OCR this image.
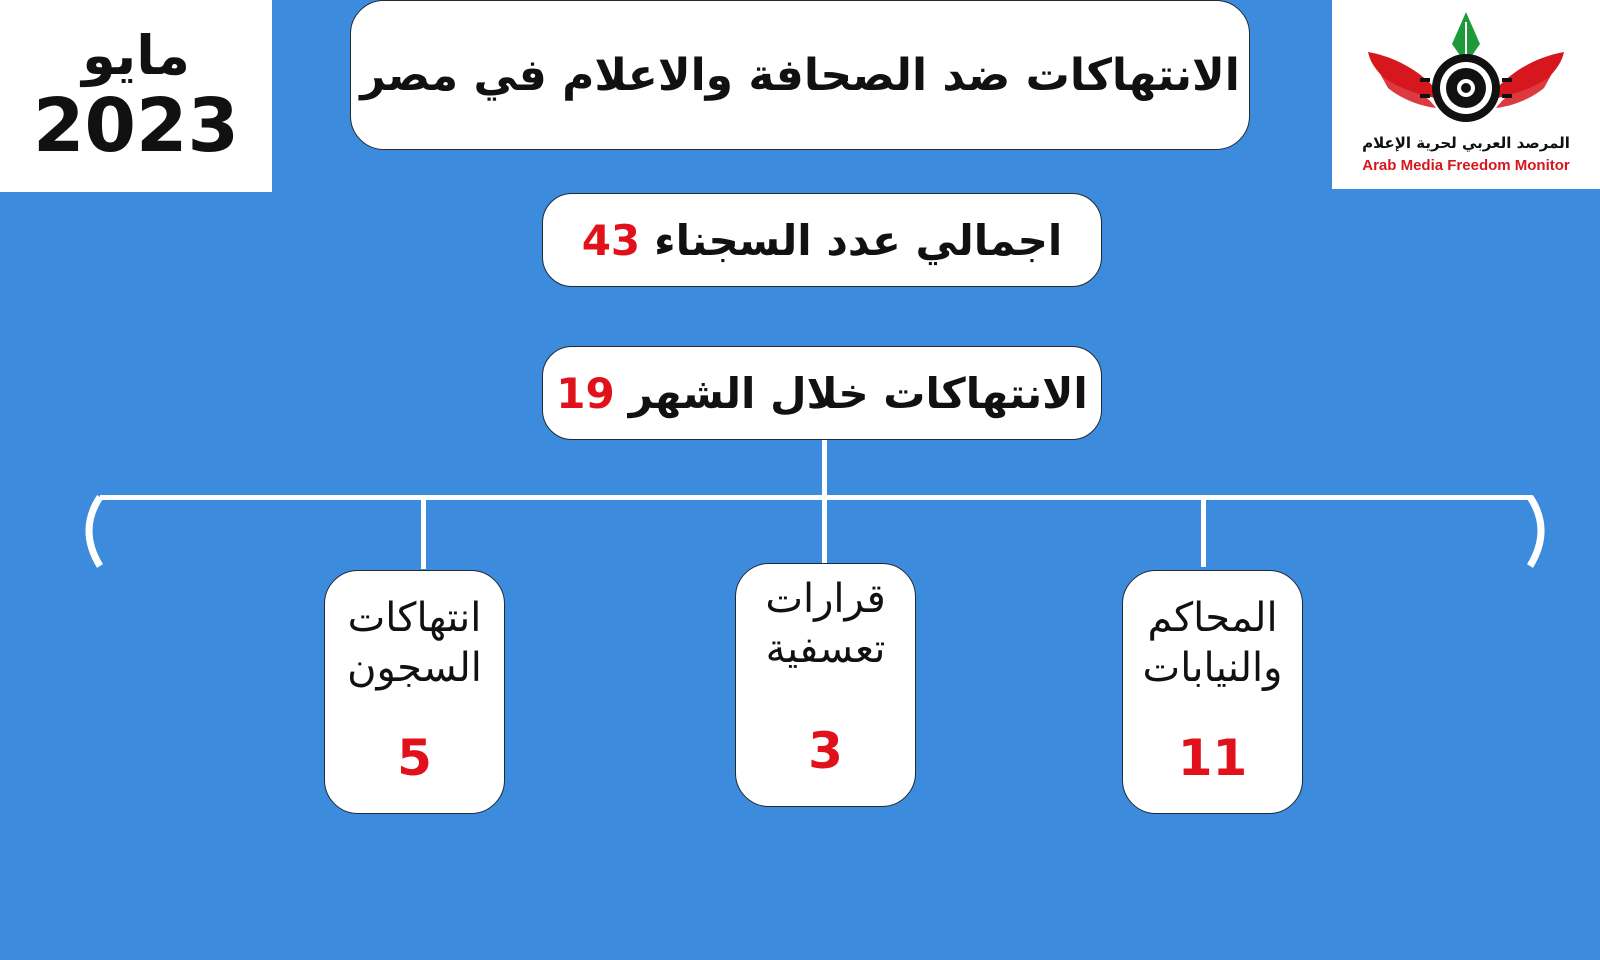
مايو
2023	المرصد العربي لحرية الإعلام
Arab Media Freedom Monitor
الانتهاكات ضد الصحافة والاعلام في مصر
اجمالي عدد السجناء
43
الانتهاكات خلال الشهر
19
المحاكم
والنيابات
11
قرارات
تعسفية
3
انتهاكات
السجون
5
